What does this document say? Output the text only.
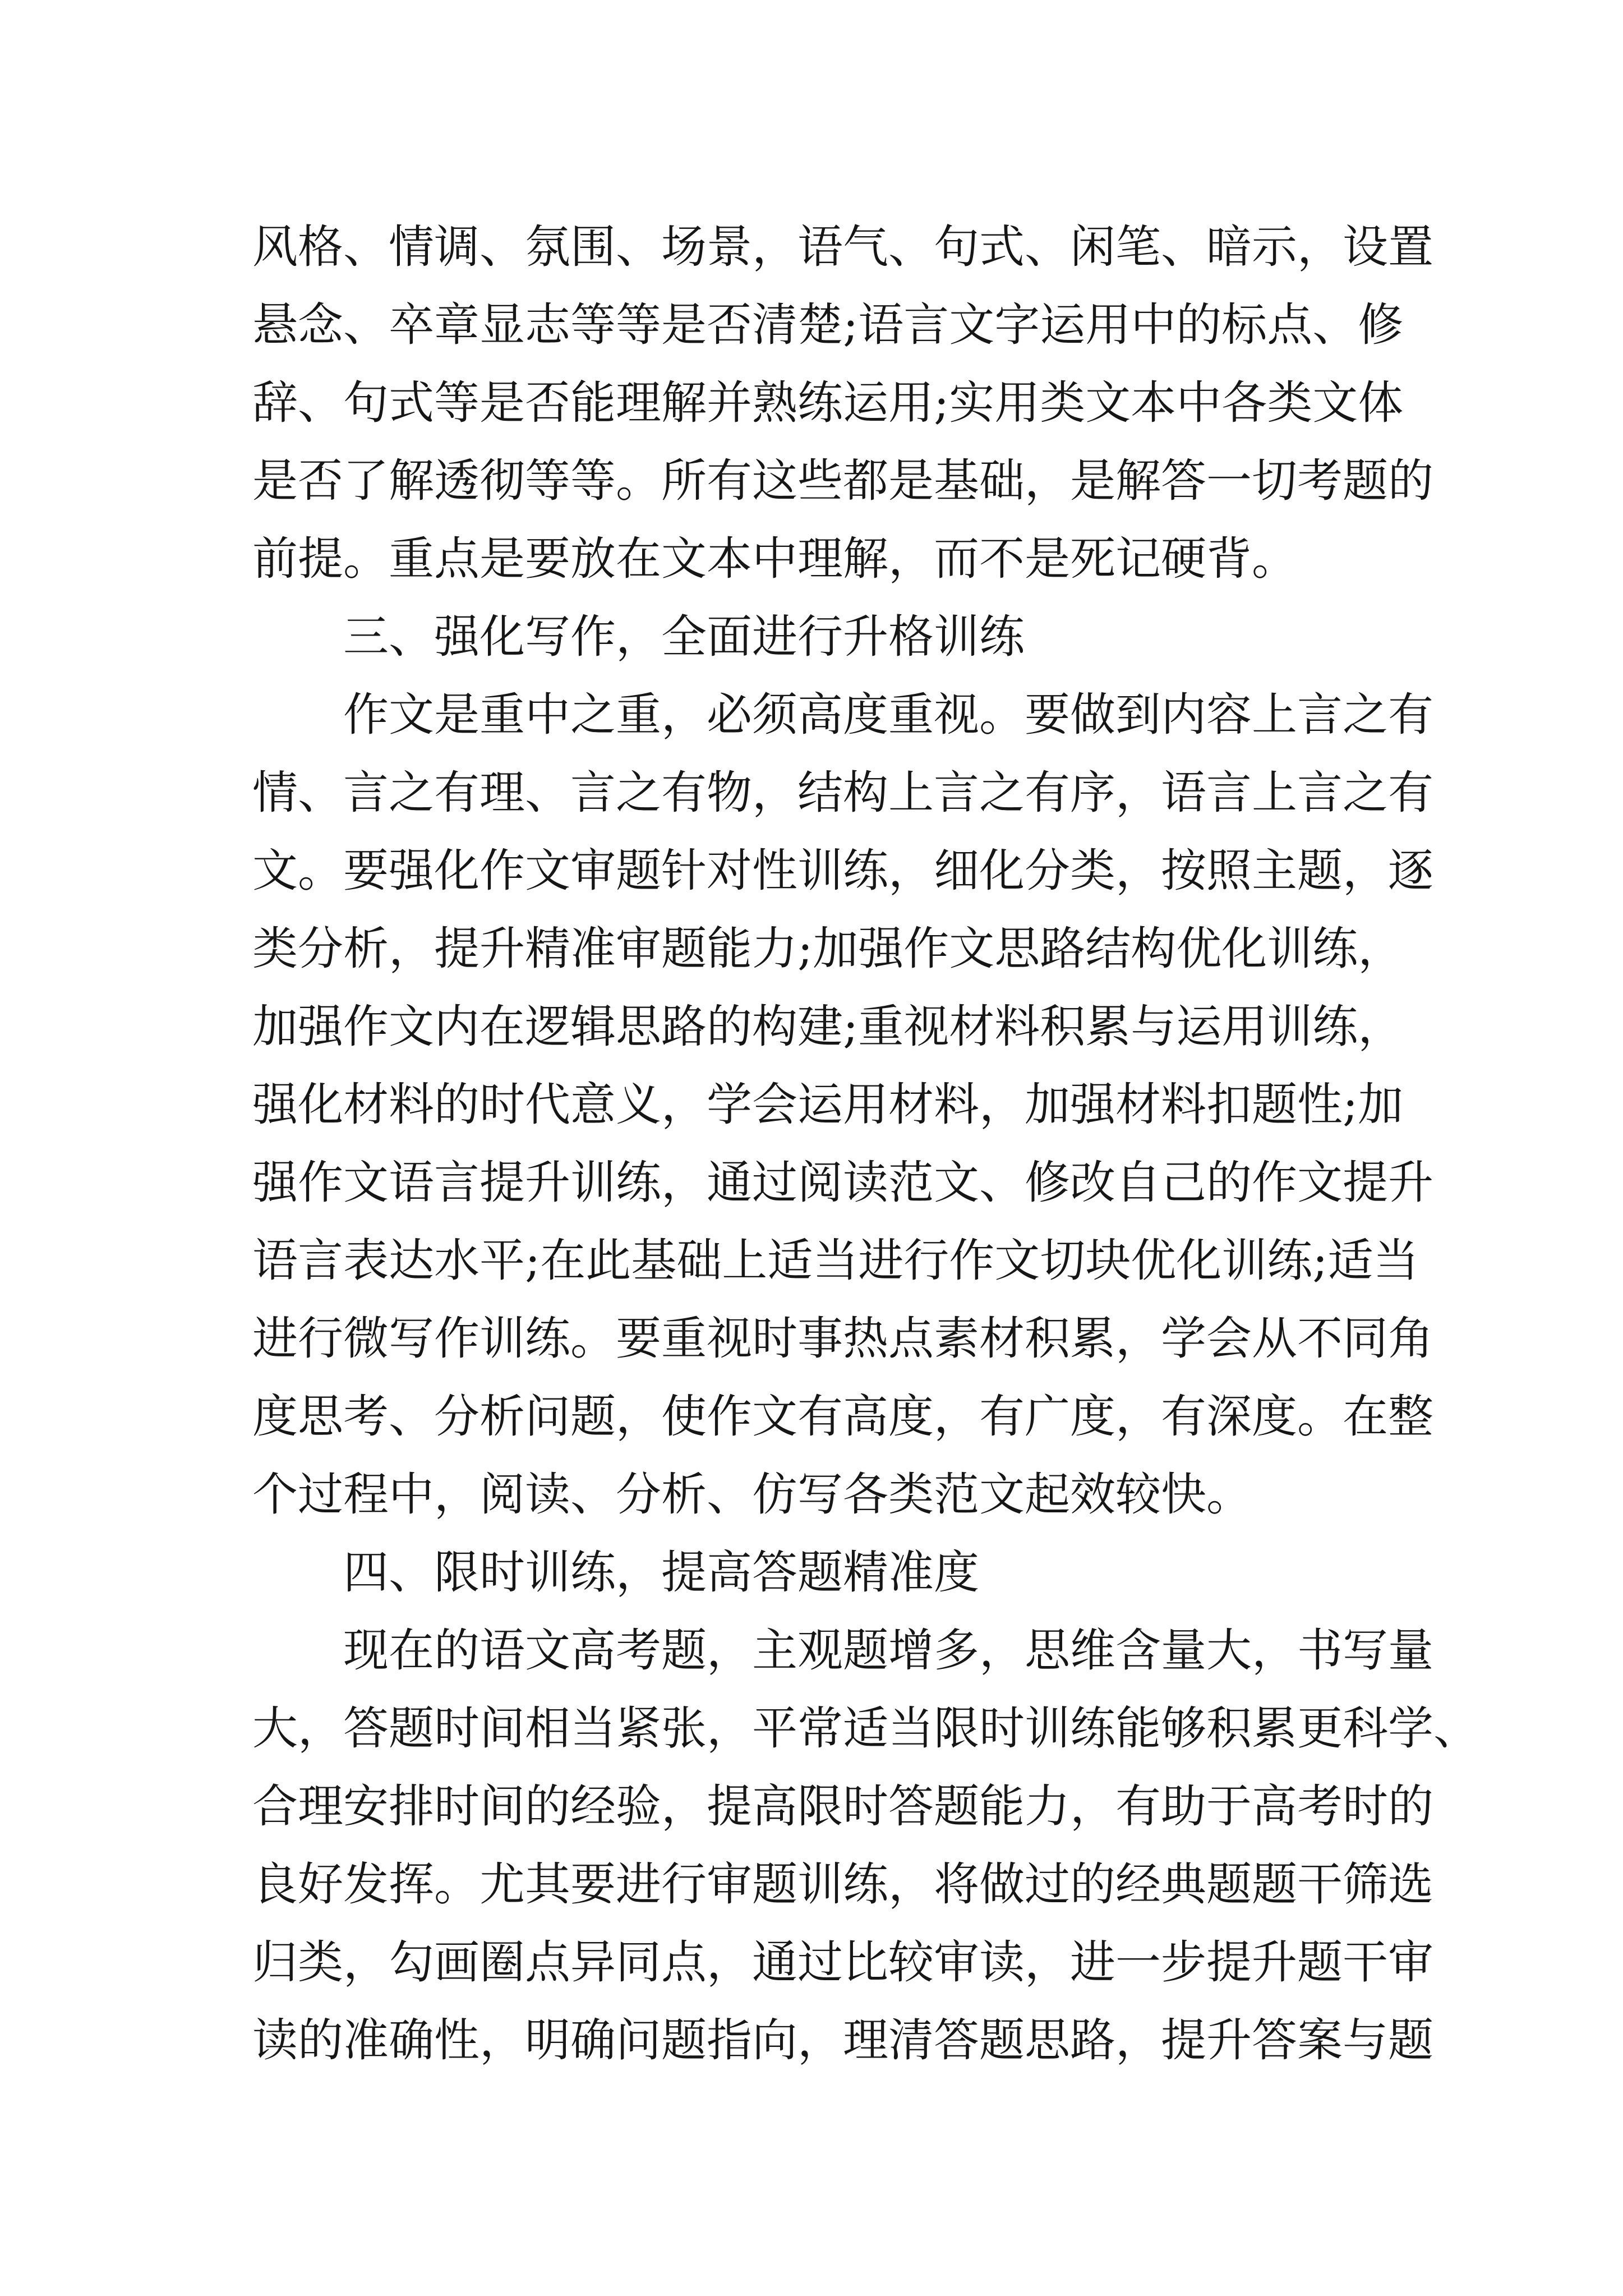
风格、情调、氛围、场景，语气、句式、闲笔、暗示，设置
悬念、卒章显志等等是否清楚;语言文字运用中的标点、修
辞、句式等是否能理解并熟练运用;实用类文本中各类文体
是否了解透彻等等。所有这些都是基础，是解答一切考题的
前提。重点是要放在文本中理解，而不是死记硬背。
三、强化写作，全面进行升格训练
作文是重中之重，必须高度重视。要做到内容上言之有
情、言之有理、言之有物，结构上言之有序，语言上言之有
文。要强化作文审题针对性训练，细化分类，按照主题，逐
类分析，提升精准审题能力;加强作文思路结构优化训练，
加强作文内在逻辑思路的构建;重视材料积累与运用训练，
强化材料的时代意义，学会运用材料，加强材料扣题性;加
强作文语言提升训练，通过阅读范文、修改自己的作文提升
语言表达水平;在此基础上适当进行作文切块优化训练;适当
进行微写作训练。要重视时事热点素材积累，学会从不同角
度思考、分析问题，使作文有高度，有广度，有深度。在整
个过程中，阅读、分析、仿写各类范文起效较快。
四、限时训练，提高答题精准度
现在的语文高考题，主观题增多，思维含量大，书写量
大，答题时间相当紧张，平常适当限时训练能够积累更科学、
合理安排时间的经验，提高限时答题能力，有助于高考时的
良好发挥。尤其要进行审题训练，将做过的经典题题干筛选
归类，勾画圈点异同点，通过比较审读，进一步提升题干审
读的准确性，明确问题指向，理清答题思路，提升答案与题
